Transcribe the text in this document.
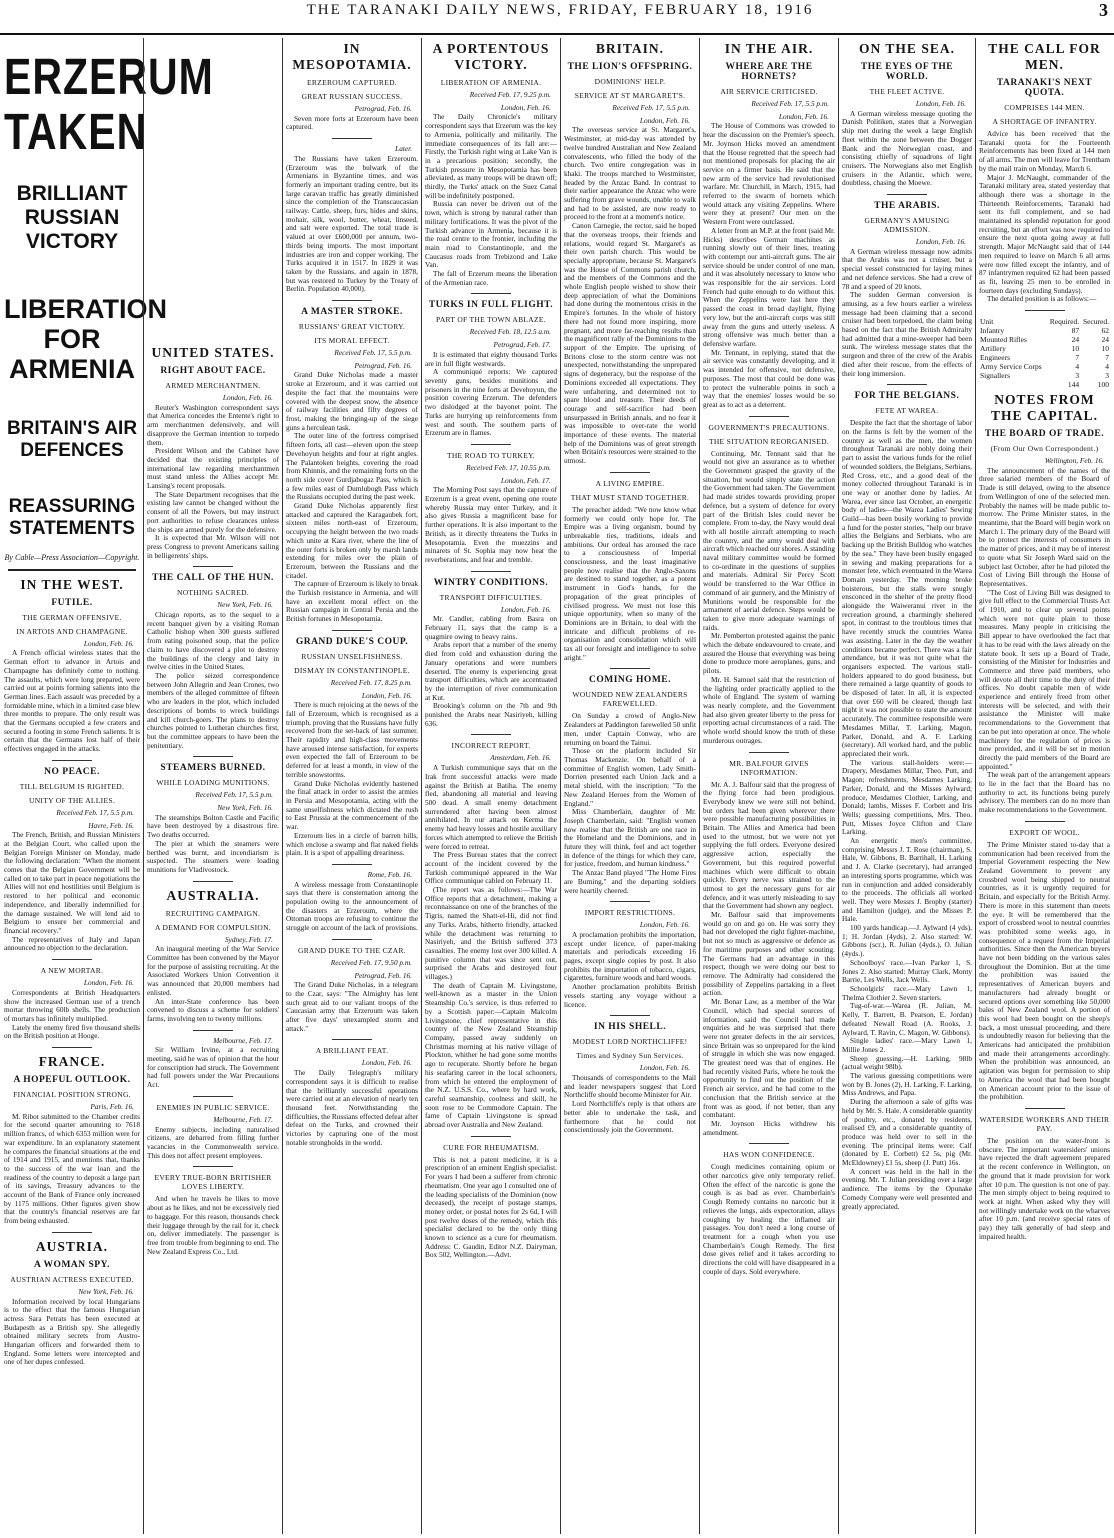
THE TARANAKI DAILY NEWS, FRIDAY, FEBRUARY 18, 1916	3
ERZERUM TAKEN
BRILLIANT RUSSIAN VICTORY
LIBERATION FOR ARMENIA
BRITAIN'S AIR DEFENCES
REASSURING STATEMENTS
By Cable—Press Association—Copyright.
IN THE WEST.
FUTILE.
THE GERMAN OFFENSIVE.
IN ARTOIS AND CHAMPAGNE.
London, Feb. 16.
A French official wireless states that the German effort to advance in Artois and Champagne has definitely come to nothing. The assaults, which were long prepared, were carried out at points forming salients into the German lines. Each assault was preceded by a formidable mine, which in a limited case blew three months to prepare. The only result was that the Germans occupied a few craters and secured a footing in some French salients. It is certain that the Germans lost half of their effectives engaged in the attacks.
NO PEACE.
TILL BELGIUM IS RIGHTED.
UNITY OF THE ALLIES.
Received Feb. 17, 5.5 p.m.
Havre, Feb. 16.
The French, British, and Russian Ministers at the Belgian Court, who called upon the Belgian Foreign Minister on Monday, made the following declaration: "When the moment comes that the Belgian Government will be called on to take part in peace negotiations the Allies will not end hostilities until Belgium is restored to her political and economic independence, and liberally indemnified for the damage sustained. We will lend aid to Belgium to ensure her commercial and financial recovery."
The representatives of Italy and Japan announced no objection to the declaration.
A NEW MORTAR.
London, Feb. 16.
Correspondents at British Headquarters show the increased German use of a trench mortar throwing 60lb shells. The production of mortars has infinitely multiplied.
Lately the enemy fired five thousand shells on the British position at Hooge.
FRANCE.
A HOPEFUL OUTLOOK.
FINANCIAL POSITION STRONG.
Paris, Feb. 16.
M. Ribot submitted to the Chamber credits for the second quarter amounting to 7618 million francs, of which 6353 million were for war expenditure. In an explanatory statement he compares the financial situations at the end of 1914 and 1915, and mentions that, thanks to the success of the war loan and the readiness of the country to deposit a large part of its savings, Treasury advances to the account of the Bank of France only increased by 1175 millions. Other figures given show that the country's financial reserves are far from being exhausted.
AUSTRIA.
A WOMAN SPY.
AUSTRIAN ACTRESS EXECUTED.
New York, Feb. 16.
Information received by local Hungarians is to the effect that the famous Hungarian actress Sara Petrats has been executed at Budapesth as a British spy. She allegedly obtained military secrets from Austro-Hungarian officers and forwarded them to England. Some letters were intercepted and one of her dupes confessed.
UNITED STATES.
RIGHT ABOUT FACE.
ARMED MERCHANTMEN.
London, Feb. 16.
Reuter's Washington correspondent says that America concedes the Entente's right to arm merchantmen defensively, and will disapprove the German intention to torpedo them.
President Wilson and the Cabinet have decided that the existing principles of international law regarding merchantmen must stand unless the Allies accept Mr. Lansing's recent proposals.
The State Department recognises that the existing law cannot be changed without the consent of all the Powers, but may instruct port authorities to refuse clearances unless the ships are armed purely for the defensive.
It is expected that Mr. Wilson will not press Congress to prevent Americans sailing in belligerents' ships.
THE CALL OF THE HUN.
NOTHING SACRED.
New York, Feb. 16.
Chicago reports, as to the sequel to a recent banquet given by a visiting Roman Catholic bishop when 300 guests suffered from eating poisoned soup, that the police claim to have discovered a plot to destroy the buildings of the clergy and laity in twelve cities in the United States.
The police seized correspondence between John Allegrin and Jean Crones, two members of the alleged committee of fifteen who are leaders in the plot, which included descriptions of bombs to wreck buildings and kill church-goers. The plans to destroy churches pointed to Lutheran churches first, but the committee appears to have been the penitentiary.
STEAMERS BURNED.
WHILE LOADING MUNITIONS.
Received Feb. 17, 5.5 p.m.
New York, Feb. 16.
The steamships Bolton Castle and Pacific have been destroyed by a disastrous fire. Two deaths occurred.
The pier at which the steamers were berthed was burnt, and incendiarism is suspected. The steamers were loading munitions for Vladivostock.
AUSTRALIA.
RECRUITING CAMPAIGN.
A DEMAND FOR COMPULSION.
Sydney, Feb. 17.
An inaugural meeting of the War Service Committee has been convened by the Mayor for the purpose of assisting recruiting. At the Associated Workers Union Convention it was announced that 20,000 members had enlisted.
An inter-State conference has been convened to discuss a scheme for soldiers' farms, involving ten to twenty millions.
Melbourne, Feb. 17.
Sir William Irvine, at a recruiting meeting, said he was of opinion that the hour for conscription had struck. The Government had full powers under the War Precautions Act.
ENEMIES IN PUBLIC SERVICE.
Melbourne, Feb. 17.
Enemy subjects, including naturalised citizens, are debarred from filling further vacancies in the Commonwealth service. This does not affect present employees.
EVERY TRUE-BORN BRITISHER LOVES LIBERTY.
And when he travels he likes to move about as he likes, and not be excessively tied to baggage. For this reason, thousands check their luggage through by the rail for it, check on, deliver immediately. The passenger is free from trouble from beginning to end. The New Zealand Express Co., Ltd.
IN MESOPOTAMIA.
ERZEROUM CAPTURED.
GREAT RUSSIAN SUCCESS.
Petrograd, Feb. 16.
Seven more forts at Erzeroum have been captured.
Later.
The Russians have taken Erzeroum. (Erzeroum was the bulwark of the Armenians in Byzantine times, and was formerly an important trading centre, but its large caravan traffic has greatly diminished since the completion of the Transcaucasian railway. Cattle, sheep, furs, hides and skins, mohair, silk, wool, butter, wheat, linseed, and salt were exported. The total trade is valued at over £600,000 per annum, two-thirds being imports. The most important industries are iron and copper working. The Turks acquired it in 1517. In 1829 it was taken by the Russians, and again in 1878, but was restored to Turkey by the Treaty of Berlin. Population 40,000).
A MASTER STROKE.
RUSSIANS' GREAT VICTORY.
ITS MORAL EFFECT.
Received Feb. 17, 5.5 p.m.
Petrograd, Feb. 16.
Grand Duke Nicholas made a master stroke at Erzeroum, and it was carried out despite the fact that the mountains were covered with the deepest snow, the absence of railway facilities and fifty degrees of frost, making the bringing-up of the siege guns a herculean task.
The outer line of the fortress comprised fifteen forts, all cast—eleven upon the steep Devehoyun heights and four at right angles. The Palantoken heights, covering the road from Khinnis, and the remaining forts on the north side cover Gurdjabogaz Pass, which is a few miles east of Dumlubogh Pass which the Russians occupied during the past week.
Grand Duke Nicholas apparently first attacked and captured the Karagaubek fort, sixteen miles north-east of Erzeroum, occupying the height between the two roads which unite at Kara river, where the line of the outer forts is broken only by marsh lands extending for miles over the plain of Erzeroum, between the Russians and the citadel.
The capture of Erzeroum is likely to break the Turkish resistance in Armenia, and will have an excellent moral effect on the Russian campaign in Central Persia and the British fortunes in Mesopotamia.
GRAND DUKE'S COUP.
RUSSIAN UNSELFISHNESS.
DISMAY IN CONSTANTINOPLE.
Received Feb. 17, 8.25 p.m.
London, Feb. 16.
There is much rejoicing at the news of the fall of Erzeroum, which is recognised as a triumph, proving that the Russians have fully recovered from the set-back of last summer. Their rapidity and high-class movements have aroused intense satisfaction, for experts even expected the fall of Erzeroum to be deferred for at least a month, in view of the terrible snowstorms.
Grand Duke Nicholas evidently hastened the final attack in order to assist the armies in Persia and Mesopotamia, acting with the same unselfishness which dictated the rush to East Prussia at the commencement of the war.
Erzeroum lies in a circle of barren hills, which enclose a swamp and flat naked fields plain. It is a spot of appalling dreariness.
Rome, Feb. 16.
A wireless message from Constantinople says that there is consternation among the population owing to the announcement of the disasters at Erzeroum, where the Ottoman troops are refusing to continue the struggle on account of the lack of provisions.
GRAND DUKE TO THE CZAR.
Received Feb. 17, 9.50 p.m.
Petrograd, Feb. 16.
The Grand Duke Nicholas, in a telegram to the Czar, says: "The Almighty has lent such great aid to our valiant troops of the Caucasian army that Erzeroum was taken after five days' unexampled storm and attack."
A BRILLIANT FEAT.
London, Feb. 16.
The Daily Telegraph's military correspondent says it is difficult to realise that the brilliantly successful operations were carried out at an elevation of nearly ten thousand feet. Notwithstanding the difficulties, the Russians effected defeat after defeat on the Turks, and crowned their victories by capturing one of the most notable strongholds in the world.
A PORTENTOUS VICTORY.
LIBERATION OF ARMENIA.
Received Feb. 17, 9.25 p.m.
London, Feb. 16.
The Daily Chronicle's military correspondent says that Erzerum was the key to Armenia, politically and militarily. The immediate consequences of its fall are:—Firstly, the Turkish right wing at Lake Van is in a precarious position; secondly, the Turkish pressure in Mesopotamia has been alleviated, as many troops will be drawn off; thirdly, the Turks' attack on the Suez Canal will be indefinitely postponed.
Russia can never be driven out of the town, which is strong by natural rather than military fortifications. It was the pivot of the Turkish advance in Armenia, because it is the road centre to the frontier, including the main road to Constantinople, and the Caucasus roads from Trebizond and Lake Van.
The fall of Erzerum means the liberation of the Armenian race.
TURKS IN FULL FLIGHT.
PART OF THE TOWN ABLAZE.
Received Feb. 18, 12.5 a.m.
Petrograd, Feb. 17.
It is estimated that eighty thousand Turks are in full flight westwards.
A communiqué reports: We captured seventy guns, besides munitions and prisoners in the nine forts at Devehoyun, the position covering Erzerum. The defenders two dislodged at the bayonet point. The Turks are hurrying up reinforcements from west and south. The southern parts of Erzerum are in flames.
THE ROAD TO TURKEY.
Received Feb. 17, 10.55 p.m.
London, Feb. 17.
The Morning Post says that the capture of Erzerum is a great event, opening one route whereby Russia may enter Turkey, and it also gives Russia a magnificent base for further operations. It is also important to the British, as it directly threatens the Turks in Mesopotamia. Even the muezzins and minarets of St. Sophia may now hear the reverberations, and fear and tremble.
WINTRY CONDITIONS.
TRANSPORT DIFFICULTIES.
London, Feb. 16.
Mr. Candler, cabling from Basra on February 11, says that the camp is a quagmire owing to heavy rains.
Arabs report that a number of the enemy died from cold and exhaustion during the January operations and were numbers deserted. The enemy is experiencing great transport difficulties, which are accentuated by the interruption of river communication at Kut.
Brooking's column on the 7th and 9th punished the Arabs near Nasiriyeh, killing 636.
INCORRECT REPORT.
Amsterdam, Feb. 16.
A Turkish communique says that on the Irak front successful attacks were made against the British at Batiha. The enemy fled, abandoning all material and leaving 500 dead. A small enemy detachment surrendered after having been almost annihilated. In our attack on Kerma the enemy had heavy losses and hostile auxiliary forces which attempted to relieve the British were forced to retreat.
The Press Bureau states that the correct account of the incident covered by the Turkish communiqué appeared in the War Office communique cabled on February 11.
(The report was as follows:—The War Office reports that a detachment, making a reconnaissance on one of the branches of the Tigris, named the Shatt-el-Hi, did not find any Turks. Arabs, hitherto friendly, attacked while the detachment was returning to Nasiriyeh, and the British suffered 373 casualties. The enemy lost over 300 killed. A punitive column that was since sent out, surprised the Arabs and destroyed four villages.)
The death of Captain M. Livingstone, well-known as a master in the Union Steamship Co.'s service, is thus referred to by a Scottish paper:—Captain Malcolm Livingstone, chief representative in this country of the New Zealand Steamship Company, passed away suddenly on Christmas morning at his native village of Plockton, whither he had gone some months ago to recuperate. Shortly before he began his seafaring career in the local schooners, from which he entered the employment of the N.Z. U.S.S. Co., where by hard work, careful seamanship, coolness and skill, he soon rose to be Commodore Captain. The fame of Captain Livingstone is spread abroad over Australia and New Zealand.
CURE FOR RHEUMATISM.
This is not a patent medicine, it is a prescription of an eminent English specialist. For years I had been a sufferer from chronic rheumatism. One year ago I consulted one of the leading specialists of the Dominion (now deceased), the receipt of postage stamps, money order, or postal notes for 2s 6d, I will post twelve doses of the remedy, which this specialist declared to be the only thing known to science as a cure for rheumatism. Address: C. Gaudin, Editor N.Z. Dairyman, Box 502, Wellington.—Advt.
BRITAIN.
THE LION'S OFFSPRING.
DOMINIONS' HELP.
SERVICE AT ST MARGARET'S.
Received Feb. 17, 5.5 p.m.
London, Feb. 16.
The overseas service at St. Margaret's, Westminster, at mid-day was attended by twelve hundred Australian and New Zealand convalescents, who filled the body of the church. Two entire congregation was in khaki. The troops marched to Westminster, headed by the Anzac Band. In contrast to their earlier appearance the Anzac who were suffering from grave wounds, unable to walk and had to be assisted, are now ready to proceed to the front at a moment's notice.
Canon Carnegie, the rector, said he hoped that the overseas troops, their friends and relations, would regard St. Margaret's as their own parish church. This would be specially appropriate, because St. Margaret's was the House of Commons parish church, and the members of the Commons and the whole English people wished to show their deep appreciation of what the Dominions had done during the momentous crisis in the Empire's fortunes. In the whole of history there had not found more inspiring, more pregnant, and more far-reaching results than the magnificent rally of the Dominions to the support of the Empire. The uprising of Britons close to the storm centre was not unexpected, notwithstanding the unprepared signs of degeneracy, but the response of the Dominions exceeded all expectations. They were unfaltering, and determined not to spare blood and treasure. Their deeds of courage and self-sacrifice had been unsurpassed in British annals, and no fear it was impossible to over-rate the world importance of these events. The material help of the Dominions was of great strength when Britain's resources were strained to the utmost.
A LIVING EMPIRE.
THAT MUST STAND TOGETHER.
The preacher added: "We now know what formerly we could only hope for. The Empire was a living organism, bound by unbreakable ties, traditions, ideals and ambitions. Our ordeal has aroused the race to a consciousness of Imperial consciousness, and the least imaginative people now realise that the Anglo-Saxons are destined to stand together, as a potent instrument in God's hands, for the propagation of the great principles of civilised progress. We must not lose this unique opportunity, when so many of the Dominions are in Britain, to deal with the intricate and difficult problems of re-organisation and consolidation which will tax all our foresight and intelligence to solve aright."
COMING HOME.
WOUNDED NEW ZEALANDERS FAREWELLED.
On Sunday a crowd of Anglo-New Zealanders at Paddington farewelled 50 unfit men, under Captain Conway, who are returning on board the Tainui.
Those on the platform included Sir Thomas Mackenzie. On behalf of a committee of English women, Lady Smith-Dorrien presented each Union Jack and a metal shield, with the inscription: "To the New Zealand Heroes from the Women of England."
Miss Chamberlain, daughter of Mr. Joseph Chamberlain, said: "English women now realise that the British are one race in the Homeland and the Dominions, and in future they will think, feel and act together in defence of the things for which they care, for justice, freedom, and human kindness."
The Anzac Band played "The Home Fires are Burning," and the departing soldiers were heartily cheered.
IMPORT RESTRICTIONS.
London, Feb. 16.
A proclamation prohibits the importation, except under licence, of paper-making materials and periodicals exceeding 16 pages, except single copies by post. It also prohibits the importation of tobacco, cigars, cigarettes, furniture woods and hard woods.
Another proclamation prohibits British vessels starting any voyage without a licence.
IN HIS SHELL.
MODEST LORD NORTHCLIFFE!
Times and Sydney Sun Services.
London, Feb. 16.
Thousands of correspondents to the Mail and leader newspapers suggest that Lord Northcliffe should become Minister for Air.
Lord Northcliffe's reply is that others are better able to undertake the task, and furthermore that he could not conscientiously join the Government.
IN THE AIR.
WHERE ARE THE HORNETS?
AIR SERVICE CRITICISED.
Received Feb. 17, 5.5 p.m.
London, Feb. 16.
The House of Commons was crowded to hear the discussion on the Premier's speech. Mr. Joynson Hicks moved an amendment that the House regretted that the speech had not mentioned proposals for placing the air service on a firmer basis. He said that the new arm of the service had revolutionised warfare. Mr. Churchill, in March, 1915, had referred to the swarm of hornets which would attack any visiting Zeppelins. Where were they at present? Our men on the Western Front were outclassed.
A letter from an M.P. at the front (said Mr. Hicks) describes German machines as running slowly out of their lines, treating with contempt our anti-aircraft guns. The air service should be under control of one man, and it was absolutely necessary to know who was responsible for the air services. Lord French had quite enough to do without this. When the Zeppelins were last here they passed the coast in broad daylight, flying very low, but the anti-aircraft corps was still away from the guns and utterly useless. A strong offensive was much better than a defensive warfare.
Mr. Tennant, in replying, stated that the air service was constantly developing, and it was intended for offensive, not defensive, purposes. The most that could be done was to protect the vulnerable points in such a way that the enemies' losses would be so great as to act as a deterrent.
GOVERNMENT'S PRECAUTIONS.
THE SITUATION REORGANISED.
Continuing, Mr. Tennant said that he would not give an assurance as to whether the Government grasped the gravity of the situation, but would simply state the action the Government had taken. The Government had made strides towards providing proper defence, but a system of defence for every part of the British Isles could never be complete. From to-day, the Navy would deal with all hostile aircraft attempting to reach the country, and the army would deal with aircraft which reached our shores. A standing naval military committee would be formed to co-ordinate in the questions of supplies and materials. Admiral Sir Percy Scott would be transferred to the War Office in command of air gunnery, and the Ministry of Munitions would be responsible for the armament of aerial defence. Steps would be taken to give more adequate warnings of raids.
Mr. Pemberton protested against the panic which the debate endeavoured to create, and assured the House that everything was being done to produce more aeroplanes, guns, and pilots.
Mr. H. Samuel said that the restriction of the lighting order practically applied to the whole of England. The system of warning was nearly complete, and the Government had also given greater liberty to the press for reporting actual circumstances of a raid. The whole world should know the truth of these murderous outrages.
MR. BALFOUR GIVES INFORMATION.
Mr. A. J. Balfour said that the progress of the flying force had been prodigious. Everybody knew we were still not behind, but orders had been given wherever there were possible manufacturing possibilities in Britain. The Allies and America had been used to the utmost, but we were not yet supplying the full orders. Everyone desired aggressive action, especially the Government, but this required powerful machines which were difficult to obtain quickly. Every nerve was strained to the utmost to get the necessary guns for air defence, and it was utterly misleading to say that the Government had shown any neglect.
Mr. Balfour said that improvements would go on and go on. He was sorry they had not developed the right fighter-machine, but not so much as aggressive or defence as for maritime purposes and other scouting. The Germans had an advantage in this respect, though we were doing our best to remove. The Admiralty had considered the possibility of Zeppelins partaking in a fleet action.
Mr. Bonar Law, as a member of the War Council, which had special sources of information, said the Council had made enquiries and he was surprised that there were not greater defects in the air services, since Britain was so unprepared for the kind of struggle in which she was now engaged. The greatest need was that of engines. He had recently visited Paris, where he took the opportunity to find out the position of the French air service, and he had come to the conclusion that the British service at the front was as good, if not better, than any combatant.
Mr. Joynson Hicks withdrew his amendment.
HAS WON CONFIDENCE.
Cough medicines containing opium or other narcotics give only temporary relief. Often the effect of the narcotic is gone the cough is as bad as ever. Chamberlain's Cough Remedy contains no narcotic but it relieves the lungs, aids expectoration, allays coughing by healing the inflamed air passages. You don't need a long course of treatment for a cough when you use Chamberlain's Cough Remedy. The first dose gives relief and it takes according to directions the cold will have disappeared in a couple of days. Sold everywhere.
ON THE SEA.
THE EYES OF THE WORLD.
THE FLEET ACTIVE.
London, Feb. 16.
A German wireless message quoting the Danish Politiken, states that a Norwegian ship met during the week a large English fleet within the zone between the Dogger Bank and the Norwegian coast, and consisting chiefly of squadrons of light cruisers. The Norwegians also met English cruisers in the Atlantic, which were, doubtless, chasing the Moewe.
THE ARABIS.
GERMANY'S AMUSING ADMISSION.
London, Feb. 16.
A German wireless message now admits that the Arabis was not a cruiser, but a special vessel constructed for laying mines and net defence services. She had a crew of 78 and a speed of 20 knots.
The sudden German conversion is amusing, as a few hours earlier a wireless message had been claiming that a second cruiser had been torpedoed, the claim being based on the fact that the British Admiralty had admitted that a mine-sweeper had been sunk. The wireless message states that the surgeon and three of the crew of the Arabis died after their rescue, from the effects of their long immersion.
FOR THE BELGIANS.
FETE AT WAREA.
Despite the fact that the shortage of labor on the farms is felt by the women of the country as well as the men, the women throughout Taranaki are nobly doing their part to assist the various funds for the relief of wounded soldiers, the Belgians, Serbians, Red Cross, etc., and a good deal of the money collected throughout Taranaki is in one way or another done by ladies. At Warea, ever since last October, an energetic body of ladies—the Warea Ladies' Sewing Guild—has been busily working to provide a fund for the poster stories, "help our brave allies the Belgians and Serbians, who are backing up the British Bulldog who watches by the sea." They have been busily engaged in sewing and making preparations for a monster fete, which eventuated in the Warea Domain yesterday. The morning broke boisterous, but the stalls were snugly ensconced in the shelter of the pretty flood alongside the Waiweranui river in the recreation ground, a charmingly sheltered spot, in contrast to the troublous times that have recently struck the countries Warea was assisting. Later in the day the weather conditions became perfect. There was a fair attendance, but it was not quite what the organisers expected. The various stall-holders appeared to do good business, but there remained a large quantity of goods to be disposed of later. In all, it is expected that over £60 will be cleared, though last night it was not possible to state the amount accurately. The committee responsible were Mesdames Millar, T. Larking, Magon, Parker, Donald, and A. F. Larking (secretary). All worked hard, and the public appreciated their work.
The various stall-holders were:—Drapery, Mesdames Millar, Theo. Putt, and Magon; refreshments, Mesdames Larking, Parker, Donald, and the Misses Aylward; produce, Mesdames Clothier, Larking, and Donald; lambs, Misses F. Corbett and Iris Wells; guessing competitions, Mrs. Theo. Putt, Misses Joyce Clifton and Clare Larking.
An energetic men's committee, comprising Messrs J. T. Rose (chairman), S. Hale, W. Gibbons, B. Barrihall, H. Larking and J. A. Clarke (secretary), had arranged an interesting sports programme, which was run in conjunction and added considerably to the proceeds. The officials all worked well. They were Messrs J. Bropby (starter) and Hamilton (judge), and the Misses P. Hale.
100 yards handicap.—J. Aylward (4 yds), 1; H. Jordan (4yds), 2. Also started: W. Gibbons (scr.), R. Julian (4yds.), O. Julian (4yds.).
Schoolboys' race.—Ivan Parker 1, S. Jones 2. Also started: Murray Clark, Monty Barrie, Les Wells, Jack Wells.
Schoolgirls' race.—Mary Lawn 1, Thelma Clothier 2. Seven starters.
Tug-of-war.—Warea (R. Julian, M. Kelly, T. Barrett, B. Pearson, E. Jordan) defeated Newall Road (A. Rooks, J. Aylward, T. Ravin, C. Magon, W. Gibbons).
Single ladies' race.—Mary Lawn 1, Millie Jones 2.
Sheep guessing.—H. Larking, 98lb (actual weight 98lb).
The various guessing competitions were won by B. Jones (2), H. Larking, F. Larking, Miss Andrews, and Papa.
During the afternoon a sale of gifts was held by Mr. S. Hale. A considerable quantity of poultry, etc., donated by residents, realised £9, and a considerable quantity of produce was held over to sell in the evening. The principal items were: Calf (donated by E. Corbett) £2 5s, pig (Mr. McEldowney) £1 5s, sheep (J. Putt) 16s.
A concert was held in the hall in the evening. Mr. T. Julian presiding over a large audience. The items by the Opunake Comedy Company were well presented and greatly appreciated.
THE CALL FOR MEN.
TARANAKI'S NEXT QUOTA.
COMPRISES 144 MEN.
A SHORTAGE OF INFANTRY.
Advice has been received that the Taranaki quota for the Fourteenth Reinforcements has been fixed at 144 men of all arms. The men will leave for Trentham by the mail train on Monday, March 6.
Major J. McNaught, commander of the Taranaki military area, stated yesterday that although there was a shortage in the Thirteenth Reinforcements, Taranaki had sent its full complement, and so had maintained its splendid reputation for good recruiting, but an effort was now required to ensure the next quota going away at full strength. Major McNaught said that of 144 men required to leave on March 6 all arms were now filled except the infantry, and of 87 infantrymen required 62 had been passed as fit, leaving 25 men to be enrolled in fourteen days (excluding Sundays).
The detailed position is as follows:—
Unit	Required.	Secured.
Infantry	87	62
Mounted Rifles	24	24
Artillery	10	10
Engineers	7	7
Army Service Corps	4	4
Signallers	3	3
	144	100
NOTES FROM THE CAPITAL.
THE BOARD OF TRADE.
(From Our Own Correspondent.)
Wellington, Feb. 16.
The announcement of the names of the three salaried members of the Board of Trade is still delayed, owing to the absence from Wellington of one of the selected men. Probably the names will be made public to-morrow. The Prime Minister states, in the meantime, that the Board will begin work on March 1. The primary duty of the Board will be to protect the interests of consumers in the matter of prices, and it may be of interest to quote what Sir Joseph Ward said on the subject last October, after he had piloted the Cost of Living Bill through the House of Representatives.
"The Cost of Living Bill was designed to give full effect to the Commercial Trusts Act of 1910, and to clear up several points which were not quite plain to those measures. Many people in criticising the Bill appear to have overlooked the fact that it has to be read with the laws already on the statute book. It sets up a Board of Trade, consisting of the Minister for Industries and Commerce and three paid members, who will devote all their time to the duty of their offices. No doubt capable men of wide experience and entirely freed from other interests will be selected, and with their assistance the Minister will make recommendations to the Government that can be put into operation at once. The whole machinery for the regulation of prices is now provided, and it will be set in motion directly the paid members of the Board are appointed."
The weak part of the arrangement appears to lie in the fact that the Board has no authority to act, its functions being purely advisory. The members can do no more than make recommendations to the Government.
EXPORT OF WOOL.
The Prime Minister stated to-day that a communication had been received from the Imperial Government respecting the New Zealand Government to prevent any crossbred wool being shipped to neutral countries, as it is urgently required for Britain, and especially for the British Army. There is more in this statement than meets the eye. It will be remembered that the export of crossbred wool to neutral countries was prohibited some weeks ago, in consequence of a request from the Imperial authorities. Since then the American buyers have not been bidding on the various sales throughout the Dominion. But at the time the prohibition was issued the representatives of American buyers and manufacturers had already bought or secured options over something like 50,000 bales of New Zealand wool. A portion of this wool had been bought on the sheep's back, a most unusual proceeding, and there is undoubtedly reason for believing that the Americans had anticipated the prohibition and made their arrangements accordingly. When the prohibition was announced, an agitation was begun for permission to ship to America the wool that had been bought on American account prior to the issue of the prohibition.
WATERSIDE WORKERS AND THEIR PAY.
The position on the water-front is obscure. The important watersiders' unions have rejected the draft agreement prepared at the recent conference in Wellington, on the ground that it made provision for work after 10 p.m. The question is not one of pay. The men simply object to being required to work at night. When asked why they will not willingly undertake work on the wharves after 10 p.m. (and receive special rates of pay) they talk generally of bad sleep and impaired health.
